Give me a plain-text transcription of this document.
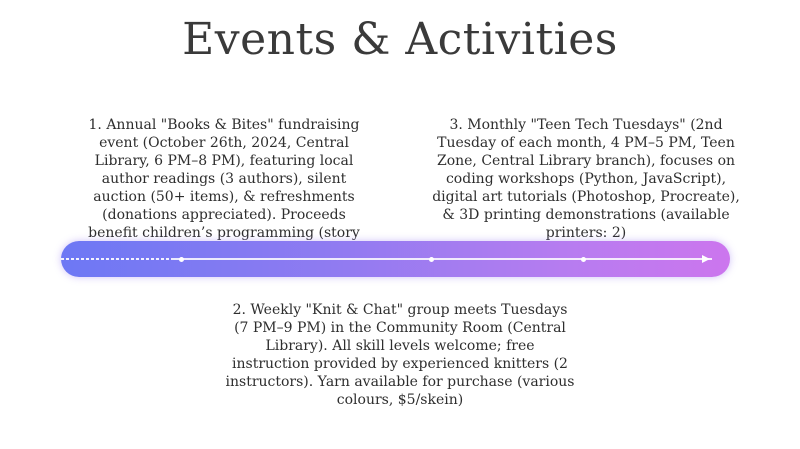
Events & Activities
1. Annual "Books & Bites" fundraising event (October 26th, 2024, Central Library, 6 PM–8 PM), featuring local author readings (3 authors), silent auction (50+ items), & refreshments (donations appreciated). Proceeds benefit children’s programming (story
3. Monthly "Teen Tech Tuesdays" (2nd Tuesday of each month, 4 PM–5 PM, Teen Zone, Central Library branch), focuses on coding workshops (Python, JavaScript), digital art tutorials (Photoshop, Procreate), & 3D printing demonstrations (available printers: 2)
2. Weekly "Knit & Chat" group meets Tuesdays (7 PM–9 PM) in the Community Room (Central Library). All skill levels welcome; free instruction provided by experienced knitters (2 instructors). Yarn available for purchase (various colours, $5/skein)
